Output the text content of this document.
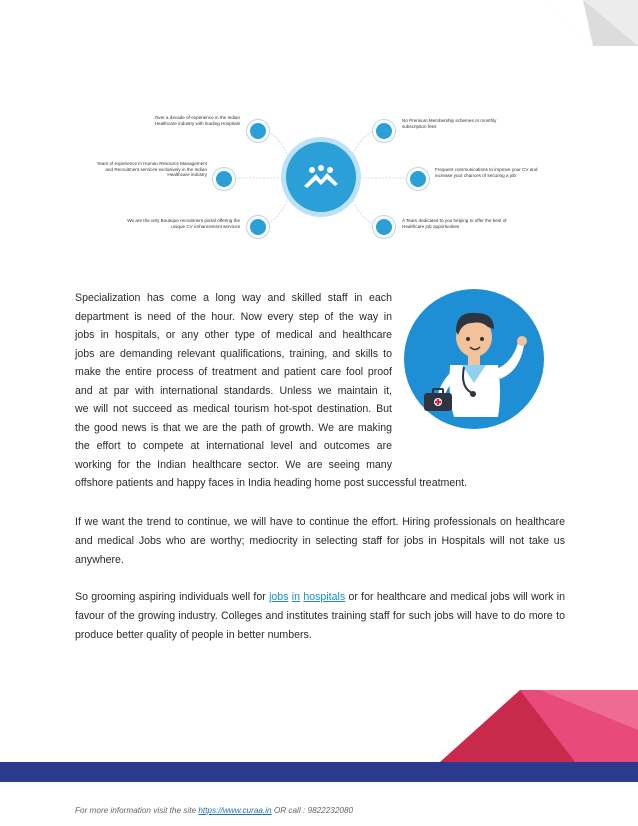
Over a decade of experience in the Indian Healthcare industry with leading Hospitals
Years of experience in Human Resource Management and Recruitment services exclusively in the Indian Healthcare industry
We are the only Boutique recruitment portal offering the unique CV enhancement services
No Premium Membership schemes or monthly subscription fees
Frequent communications to improve your CV and increase your chances of securing a job
A Team dedicated to you helping to offer the best of Healthcare job opportunities
Specialization has come a long way and skilled staff in each
department is need of the hour. Now every step of the way in
jobs in hospitals, or any other type of medical and healthcare
jobs are demanding relevant qualifications, training, and skills to
make the entire process of treatment and patient care fool proof
and at par with international standards. Unless we maintain it,
we will not succeed as medical tourism hot-spot destination. But
the good news is that we are the path of growth. We are making
the effort to compete at international level and outcomes are
working for the Indian healthcare sector. We are seeing many
offshore patients and happy faces in India heading home post successful treatment.
If we want the trend to continue, we will have to continue the effort. Hiring professionals on healthcare and medical Jobs who are worthy; mediocrity in selecting staff for jobs in Hospitals will not take us anywhere.
So grooming aspiring individuals well for jobs in hospitals or for healthcare and medical jobs will work in favour of the growing industry. Colleges and institutes training staff for such jobs will have to do more to produce better quality of people in better numbers.
For more information visit the site https://www.curaa.in OR call : 9822232080
